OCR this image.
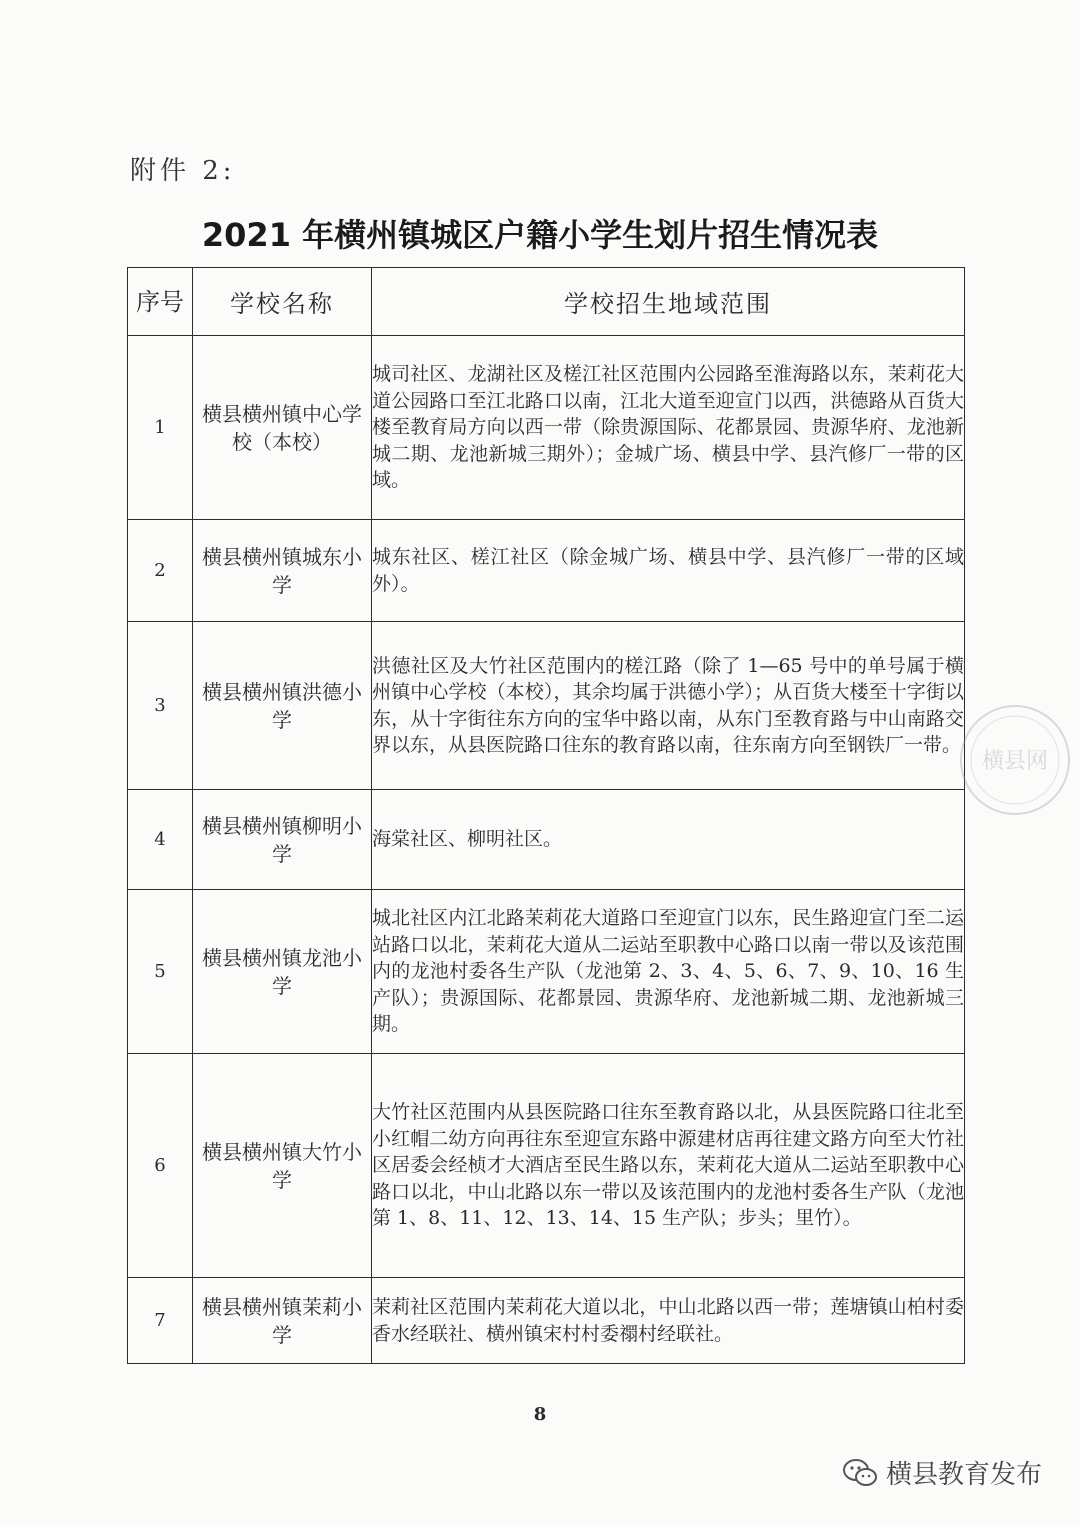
附件 2:
2021 年横州镇城区户籍小学生划片招生情况表
序号	学校名称	学校招生地域范围
1	横县横州镇中心学校（本校）	城司社区、龙湖社区及槎江社区范围内公园路至淮海路以东，茉莉花大道公园路口至江北路口以南，江北大道至迎宣门以西，洪德路从百货大楼至教育局方向以西一带（除贵源国际、花都景园、贵源华府、龙池新城二期、龙池新城三期外）；金城广场、横县中学、县汽修厂一带的区域。
2	横县横州镇城东小学	城东社区、槎江社区（除金城广场、横县中学、县汽修厂一带的区域外）。
3	横县横州镇洪德小学	洪德社区及大竹社区范围内的槎江路（除了 1—65 号中的单号属于横州镇中心学校（本校），其余均属于洪德小学）；从百货大楼至十字街以东，从十字街往东方向的宝华中路以南，从东门至教育路与中山南路交界以东，从县医院路口往东的教育路以南，往东南方向至钢铁厂一带。
4	横县横州镇柳明小学	海棠社区、柳明社区。
5	横县横州镇龙池小学	城北社区内江北路茉莉花大道路口至迎宣门以东，民生路迎宣门至二运站路口以北，茉莉花大道从二运站至职教中心路口以南一带以及该范围内的龙池村委各生产队（龙池第 2、3、4、5、6、7、9、10、16 生产队）；贵源国际、花都景园、贵源华府、龙池新城二期、龙池新城三期。
6	横县横州镇大竹小学	大竹社区范围内从县医院路口往东至教育路以北，从县医院路口往北至小红帽二幼方向再往东至迎宣东路中源建材店再往建文路方向至大竹社区居委会经桢才大酒店至民生路以东，茉莉花大道从二运站至职教中心路口以北，中山北路以东一带以及该范围内的龙池村委各生产队（龙池第 1、8、11、12、13、14、15 生产队；步头；里竹）。
7	横县横州镇茉莉小学	茉莉社区范围内茉莉花大道以北，中山北路以西一带；莲塘镇山柏村委香水经联社、横州镇宋村村委禤村经联社。
横县网
8
横县教育发布
